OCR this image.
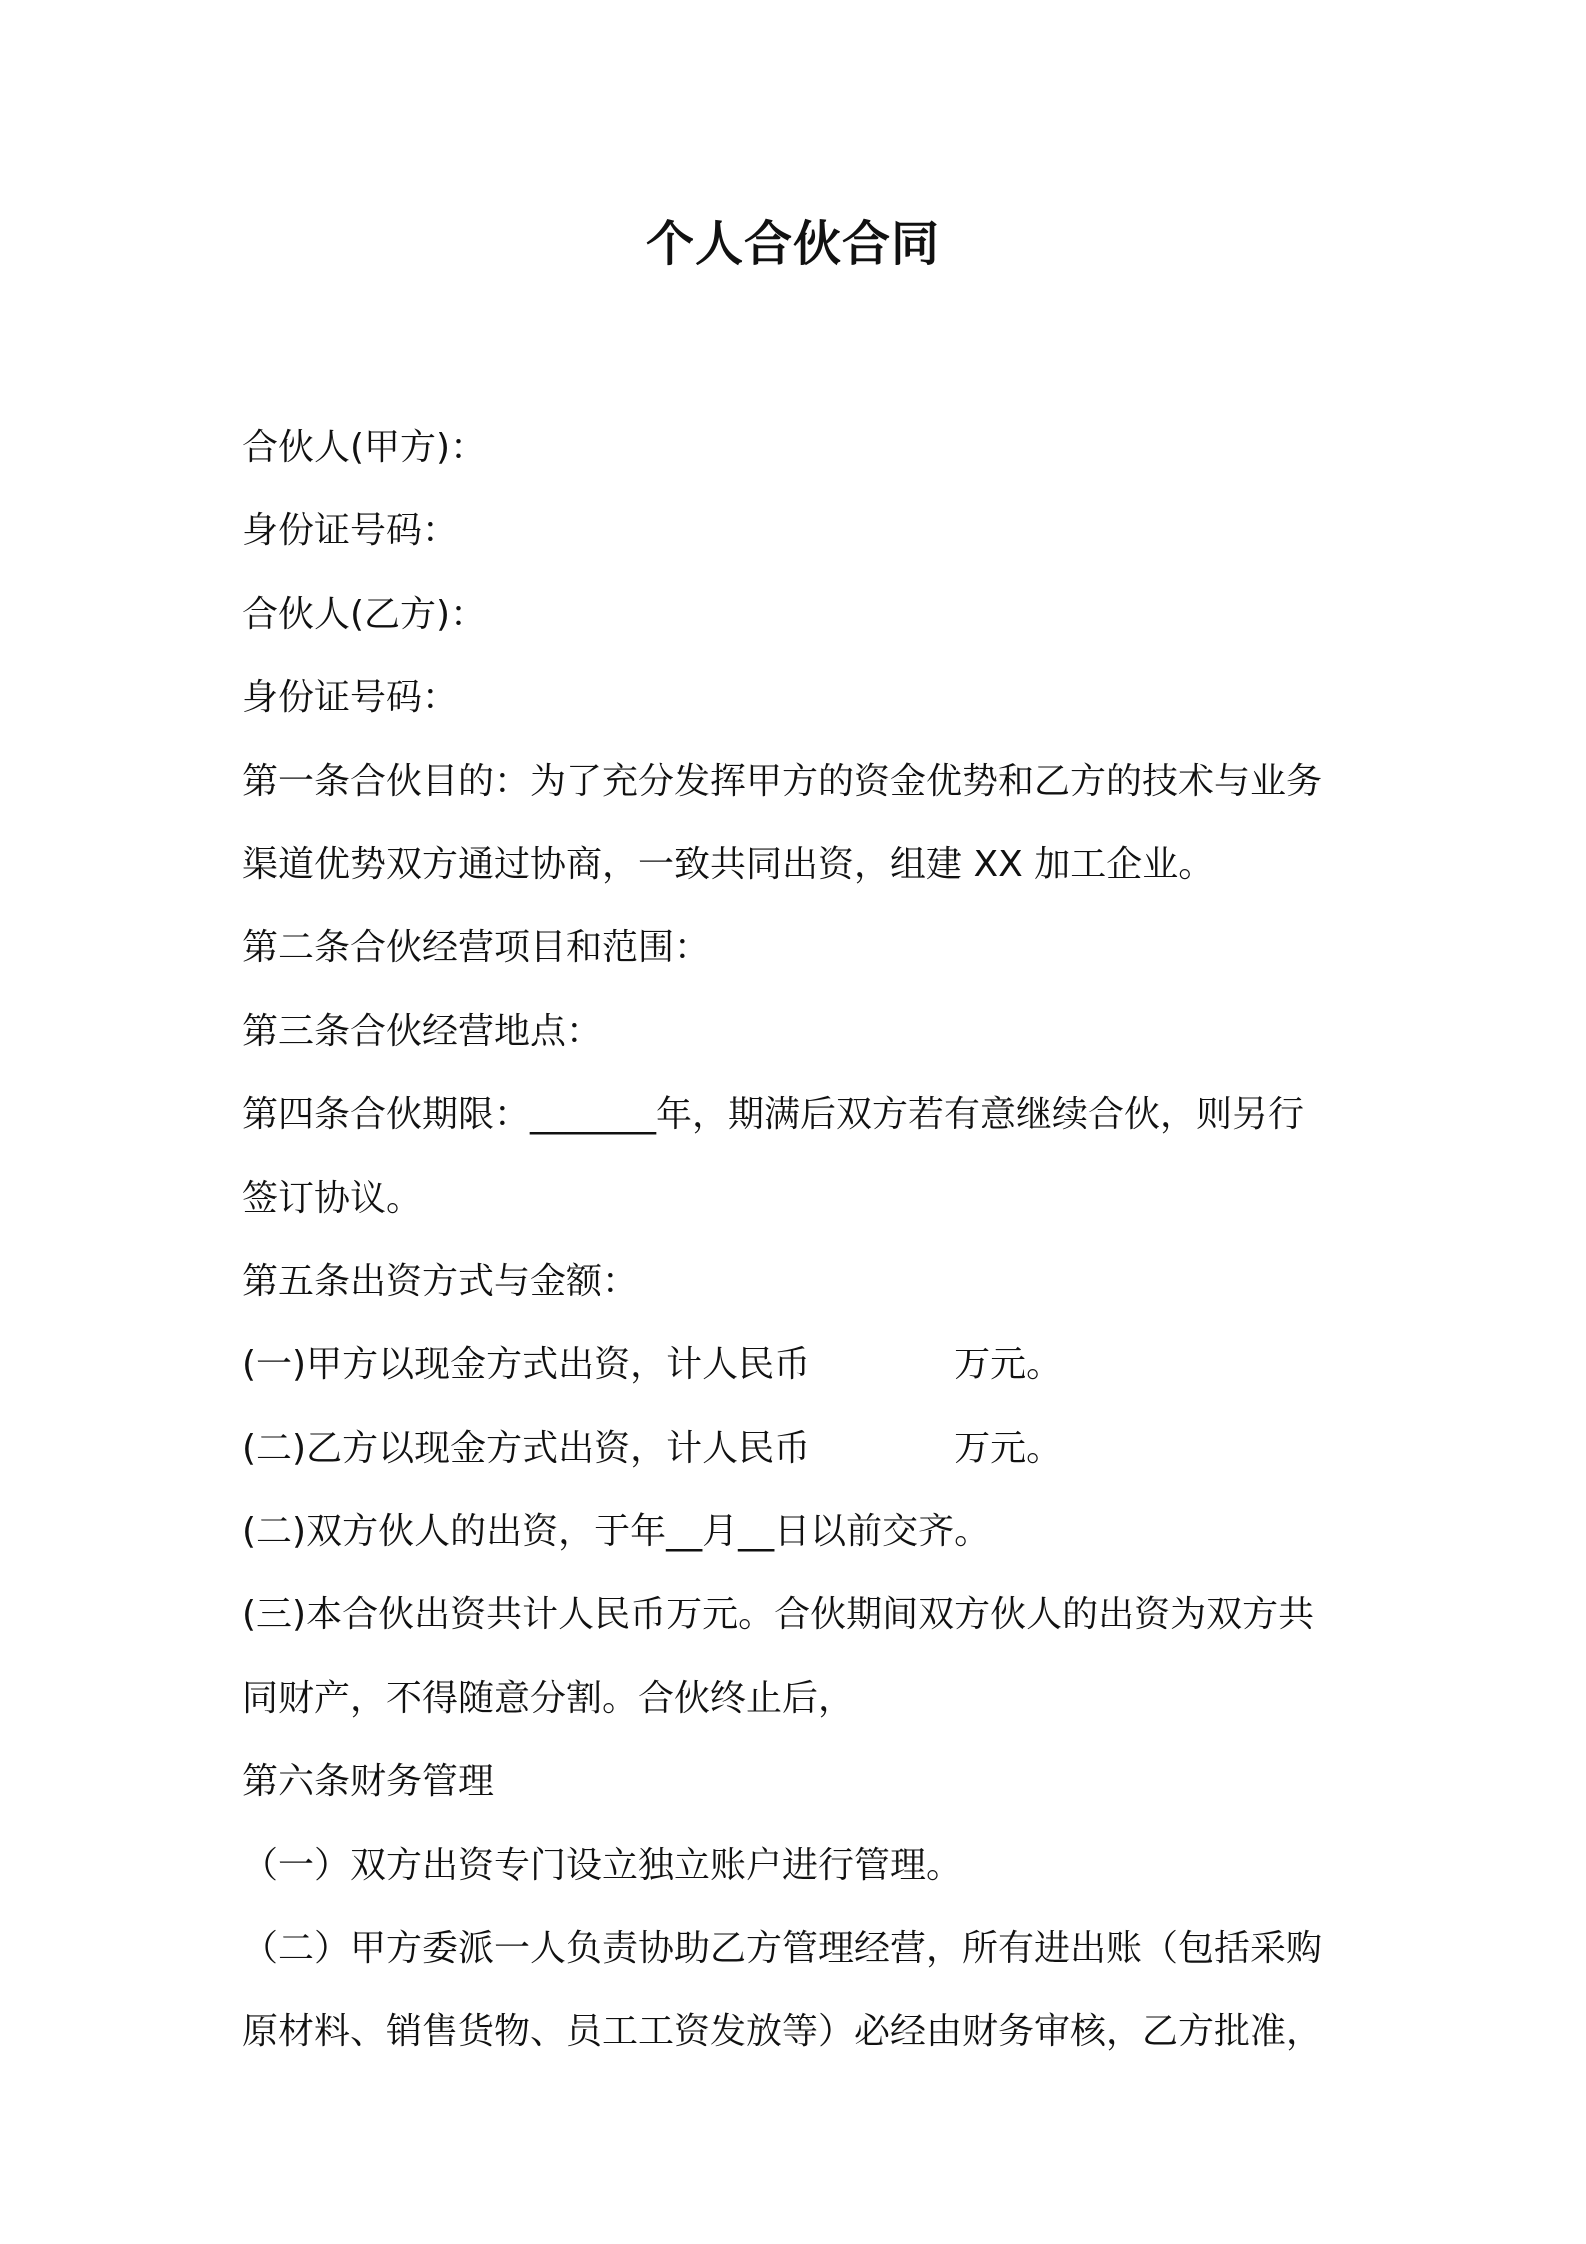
个人合伙合同
合伙人(甲方)：
身份证号码：
合伙人(乙方)：
身份证号码：
第一条合伙目的：为了充分发挥甲方的资金优势和乙方的技术与业务
渠道优势双方通过协商，一致共同出资，组建 XX 加工企业。
第二条合伙经营项目和范围：
第三条合伙经营地点：
第四条合伙期限：_______年，期满后双方若有意继续合伙，则另行
签订协议。
第五条出资方式与金额：
(一)甲方以现金方式出资，计人民币　　　　万元。
(二)乙方以现金方式出资，计人民币　　　　万元。
(二)双方伙人的出资，于年__月__日以前交齐。
(三)本合伙出资共计人民币万元。合伙期间双方伙人的出资为双方共
同财产，不得随意分割。合伙终止后，
第六条财务管理
（一）双方出资专门设立独立账户进行管理。
（二）甲方委派一人负责协助乙方管理经营，所有进出账（包括采购
原材料、销售货物、员工工资发放等）必经由财务审核，乙方批准，
